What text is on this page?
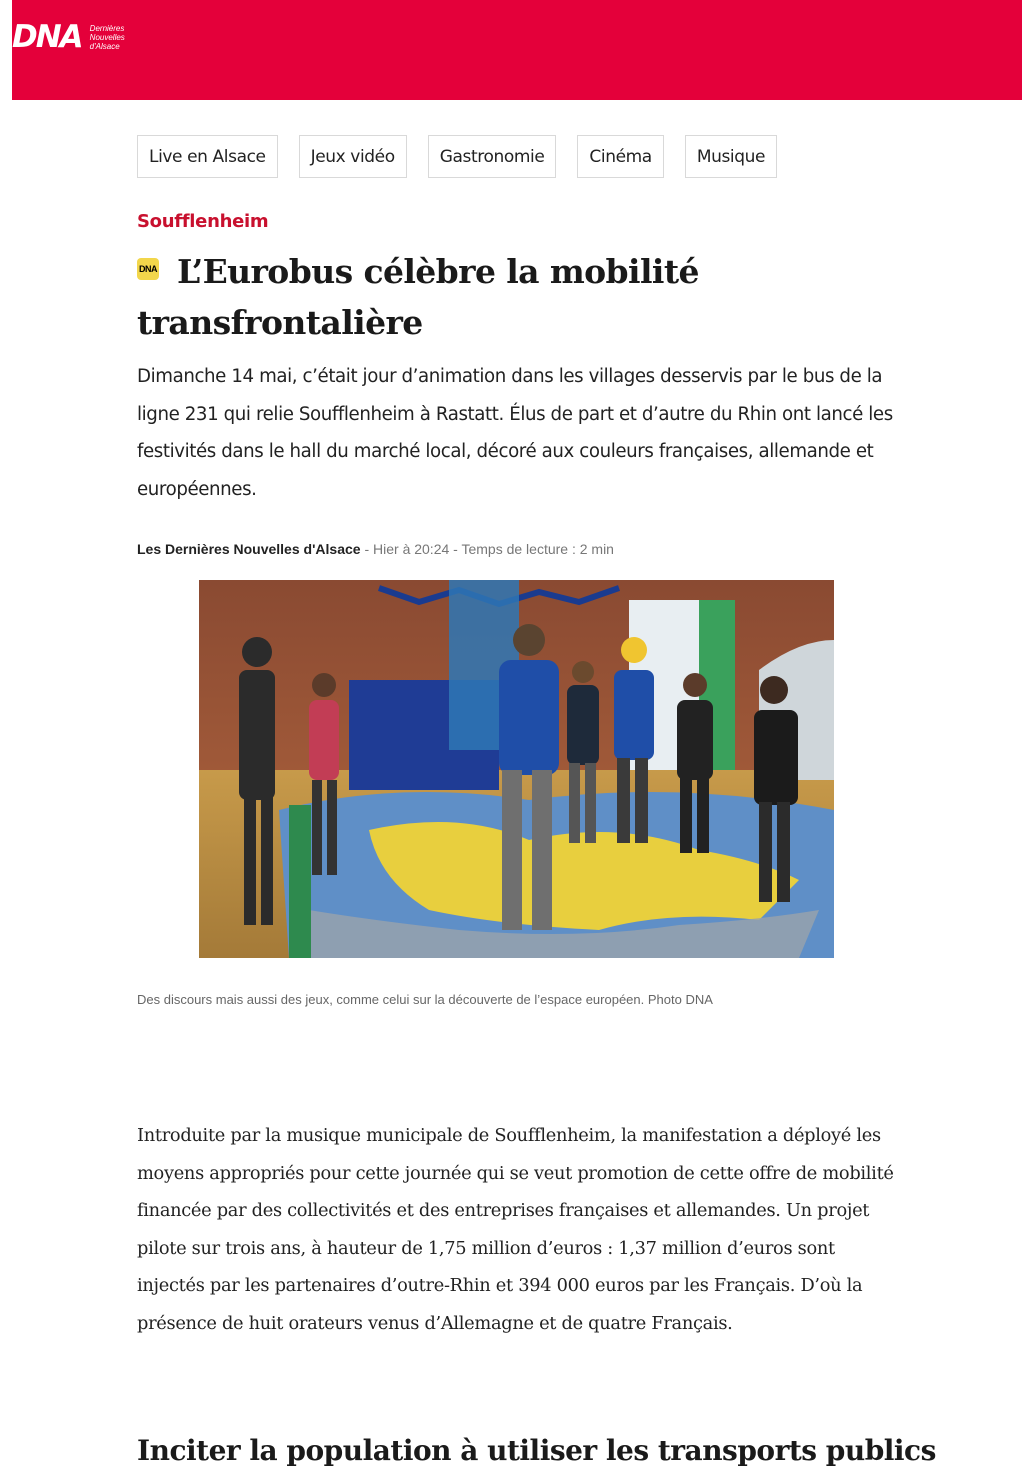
DNA Dernières
Nouvelles
d'Alsace
Live en Alsace	Jeux vidéo	Gastronomie	Cinéma	Musique
Soufflenheim
DNA L’Eurobus célèbre la mobilité transfrontalière

Dimanche 14 mai, c’était jour d’animation dans les villages desservis par le bus de la ligne 231 qui relie Soufflenheim à Rastatt. Élus de part et d’autre du Rhin ont lancé les festivités dans le hall du marché local, décoré aux couleurs françaises, allemande et européennes.

Les Dernières Nouvelles d'Alsace - Hier à 20:24 - Temps de lecture : 2 min
Des discours mais aussi des jeux, comme celui sur la découverte de l’espace européen. Photo DNA

Introduite par la musique municipale de Soufflenheim, la manifestation a déployé les moyens appropriés pour cette journée qui se veut promotion de cette offre de mobilité financée par des collectivités et des entreprises françaises et allemandes. Un projet pilote sur trois ans, à hauteur de 1,75 million d’euros : 1,37 million d’euros sont injectés par les partenaires d’outre-Rhin et 394 000 euros par les Français. D’où la présence de huit orateurs venus d’Allemagne et de quatre Français.

Inciter la population à utiliser les transports publics
